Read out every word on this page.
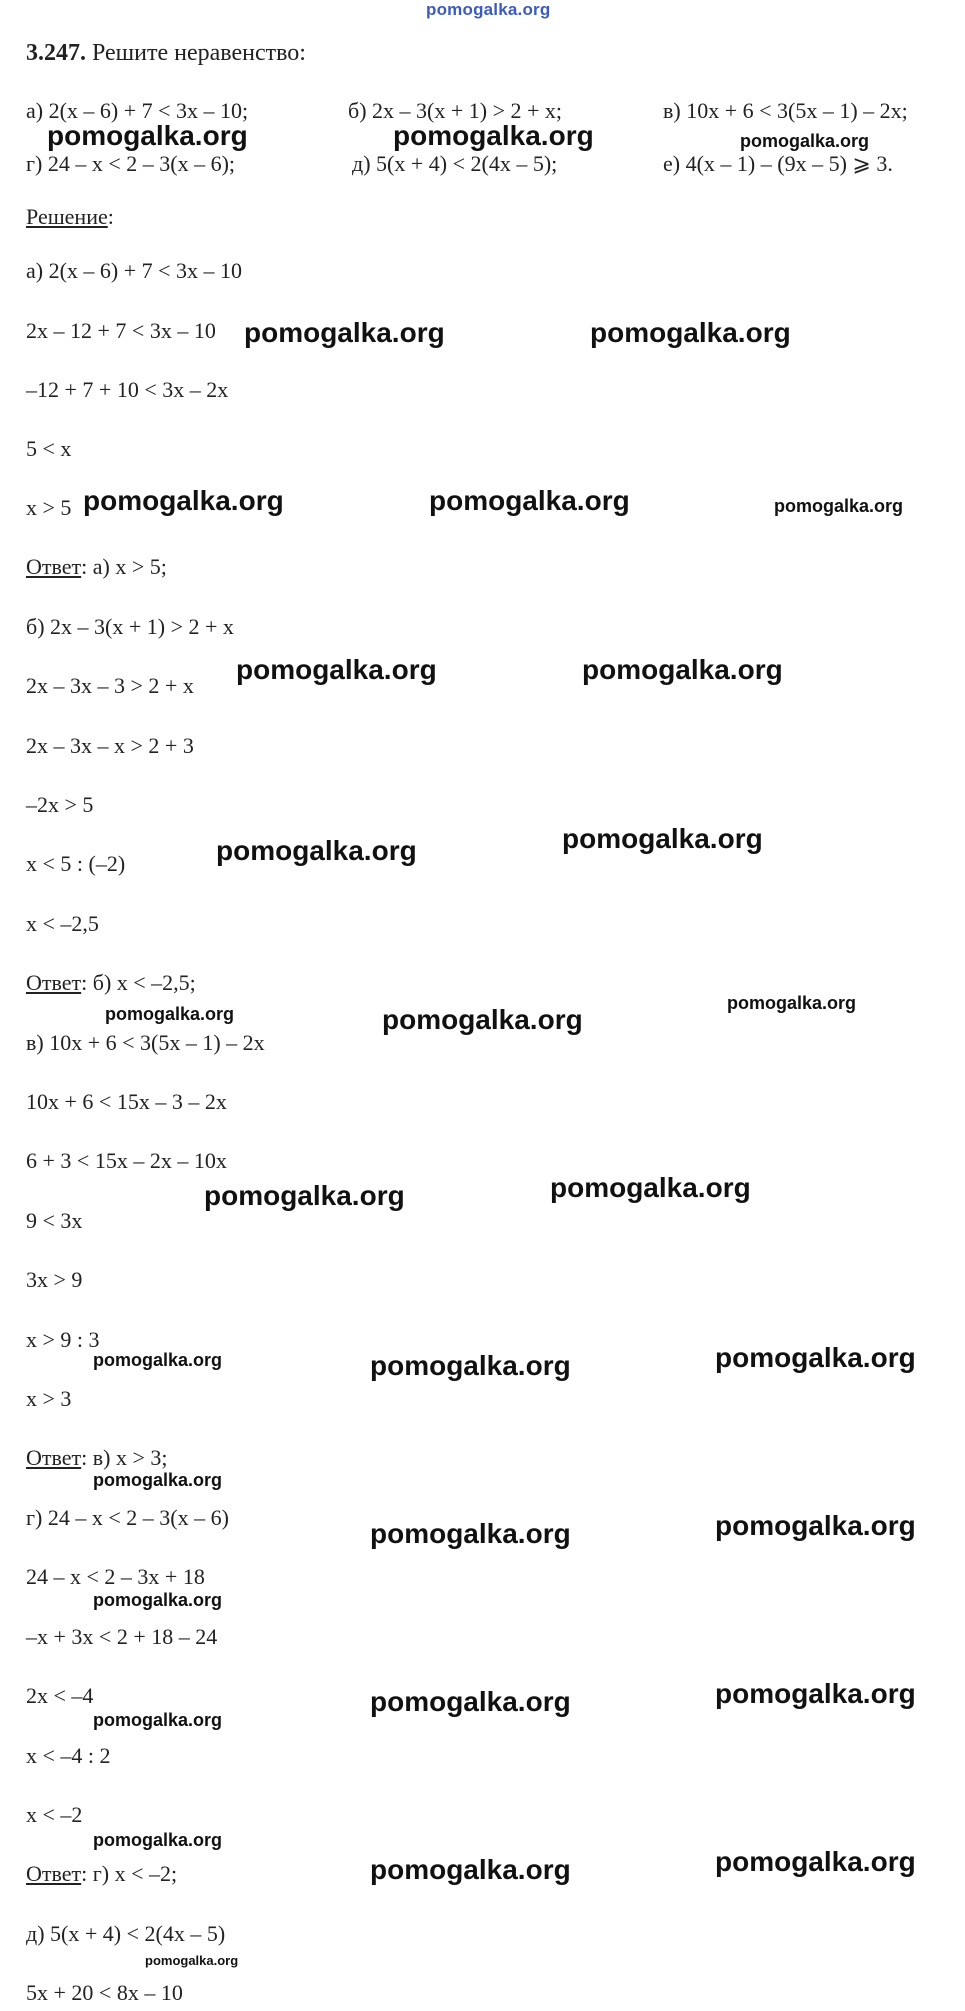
pomogalka.org
3.247. Решите неравенство:
а) 2(x – 6) + 7 < 3x – 10;	б) 2x – 3(x + 1) > 2 + x;	в) 10x + 6 < 3(5x – 1) – 2x;
г) 24 – x < 2 – 3(x – 6);	д) 5(x + 4) < 2(4x – 5);	е) 4(x – 1) – (9x – 5) ⩾ 3.
Решение:
а) 2(x – 6) + 7 < 3x – 10
2x – 12 + 7 < 3x – 10
–12 + 7 + 10 < 3x – 2x
5 < x
x > 5
Ответ: а) x > 5;
б) 2x – 3(x + 1) > 2 + x
2x – 3x – 3 > 2 + x
2x – 3x – x > 2 + 3
–2x > 5
x < 5 : (–2)
x < –2,5
Ответ: б) x < –2,5;
в) 10x + 6 < 3(5x – 1) – 2x
10x + 6 < 15x – 3 – 2x
6 + 3 < 15x – 2x – 10x
9 < 3x
3x > 9
x > 9 : 3
x > 3
Ответ: в) x > 3;
г) 24 – x < 2 – 3(x – 6)
24 – x < 2 – 3x + 18
–x + 3x < 2 + 18 – 24
2x < –4
x < –4 : 2
x < –2
Ответ: г) x < –2;
д) 5(x + 4) < 2(4x – 5)
5x + 20 < 8x – 10
pomogalka.org	pomogalka.org	pomogalka.org
pomogalka.org	pomogalka.org
pomogalka.org	pomogalka.org	pomogalka.org
pomogalka.org	pomogalka.org
pomogalka.org	pomogalka.org
pomogalka.org	pomogalka.org
pomogalka.org
pomogalka.org	pomogalka.org
pomogalka.org	pomogalka.org	pomogalka.org
pomogalka.org
pomogalka.org	pomogalka.org
pomogalka.org
pomogalka.org
pomogalka.org	pomogalka.org
pomogalka.org
pomogalka.org	pomogalka.org
pomogalka.org
